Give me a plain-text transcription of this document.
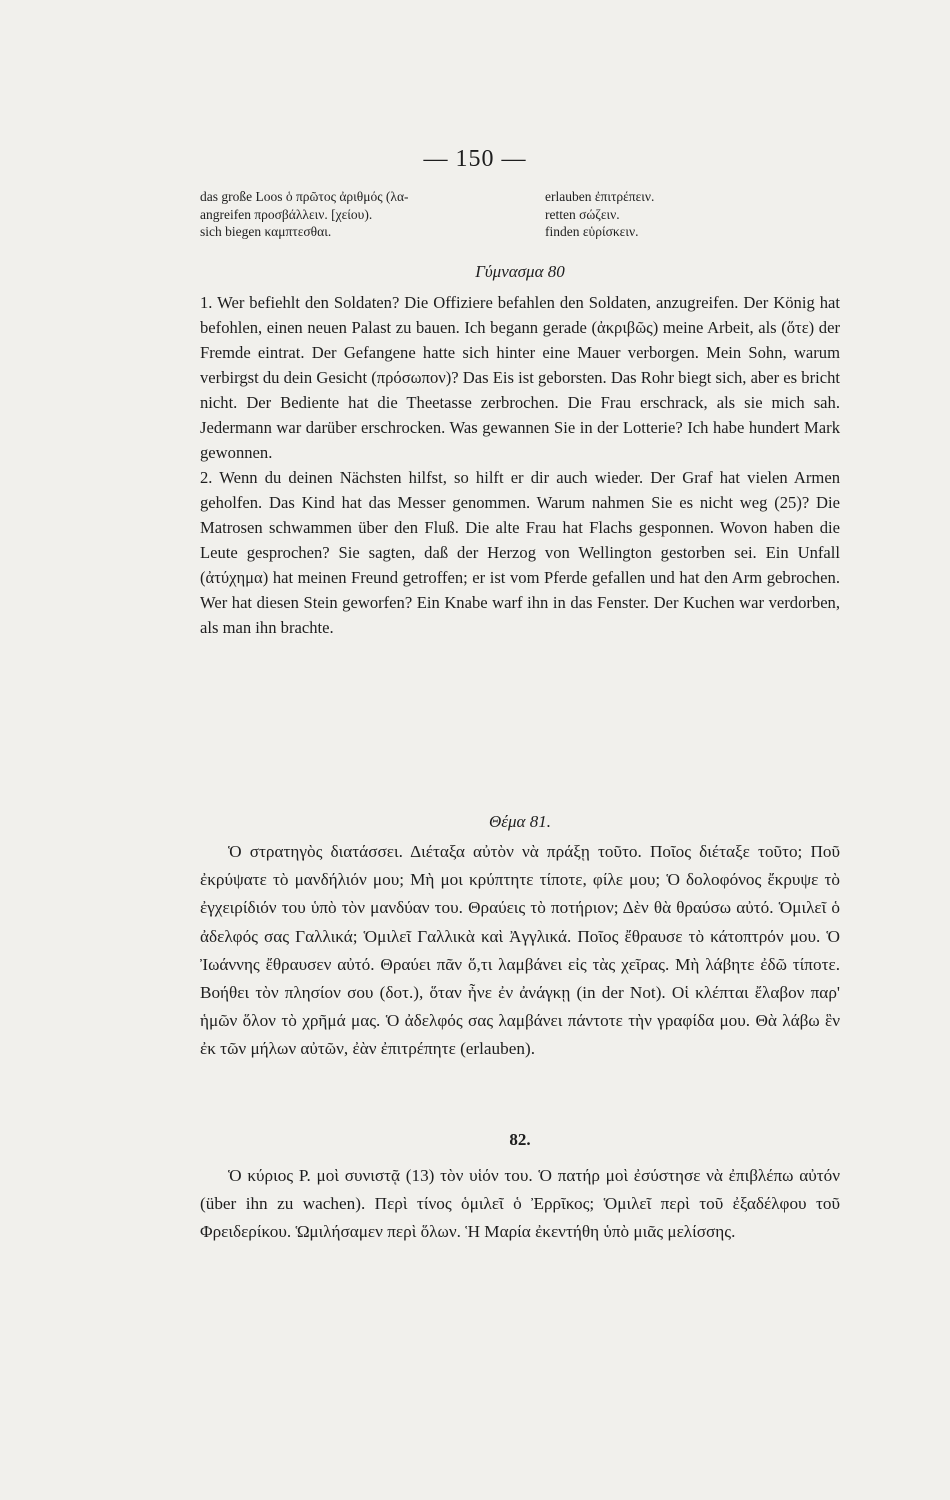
— 150 —
das große Loos ὁ πρῶτος ἀριθμός (λα-	erlauben ἐπιτρέπειν.
angreifen προσβάλλειν. [χείου).	retten σώζειν.
sich biegen καμπτεσθαι.	finden εὑρίσκειν.

Γύμνασμα 80

1. Wer befiehlt den Soldaten? Die Offiziere befahlen den Soldaten, anzugreifen. Der König hat befohlen, einen neuen Palast zu bauen. Ich begann gerade (ἀκριβῶς) meine Arbeit, als (ὅτε) der Fremde eintrat. Der Gefangene hatte sich hinter eine Mauer verborgen. Mein Sohn, warum verbirgst du dein Gesicht (πρόσωπον)? Das Eis ist geborsten. Das Rohr biegt sich, aber es bricht nicht. Der Bediente hat die Theetasse zerbrochen. Die Frau erschrack, als sie mich sah. Jedermann war darüber erschrocken. Was gewannen Sie in der Lotterie? Ich habe hundert Mark gewonnen.

2. Wenn du deinen Nächsten hilfst, so hilft er dir auch wieder. Der Graf hat vielen Armen geholfen. Das Kind hat das Messer genommen. Warum nahmen Sie es nicht weg (25)? Die Matrosen schwammen über den Fluß. Die alte Frau hat Flachs gesponnen. Wovon haben die Leute gesprochen? Sie sagten, daß der Herzog von Wellington gestorben sei. Ein Unfall (ἀτύχημα) hat meinen Freund getroffen; er ist vom Pferde gefallen und hat den Arm gebrochen. Wer hat diesen Stein geworfen? Ein Knabe warf ihn in das Fenster. Der Kuchen war verdorben, als man ihn brachte.

Θέμα 81.

Ὁ στρατηγὸς διατάσσει. Διέταξα αὐτὸν νὰ πράξῃ τοῦτο. Ποῖος διέταξε τοῦτο; Ποῦ ἐκρύψατε τὸ μανδήλιόν μου; Μὴ μοι κρύπτητε τίποτε, φίλε μου; Ὁ δολοφόνος ἔκρυψε τὸ ἐγχειρίδιόν του ὑπὸ τὸν μανδύαν του. Θραύεις τὸ ποτήριον; Δὲν θὰ θραύσω αὐτό. Ὁμιλεῖ ὁ ἀδελφός σας Γαλλικά; Ὁμιλεῖ Γαλλικὰ καὶ Ἀγγλικά. Ποῖος ἔθραυσε τὸ κάτοπτρόν μου. Ὁ Ἰωάννης ἔθραυσεν αὐτό. Θραύει πᾶν ὅ,τι λαμβάνει εἰς τὰς χεῖρας. Μὴ λάβητε ἐδῶ τίποτε. Βοήθει τὸν πλησίον σου (δοτ.), ὅταν ἦνε ἐν ἀνάγκῃ (in der Not). Οἱ κλέπται ἔλαβον παρ' ἡμῶν ὅλον τὸ χρῆμά μας. Ὁ ἀδελφός σας λαμβάνει πάντοτε τὴν γραφίδα μου. Θὰ λάβω ἓν ἐκ τῶν μήλων αὐτῶν, ἐὰν ἐπιτρέπητε (erlauben).

82.

Ὁ κύριος Ρ. μοὶ συνιστᾷ (13) τὸν υἱόν του. Ὁ πατήρ μοὶ ἐσύστησε νὰ ἐπιβλέπω αὐτόν (über ihn zu wachen). Περὶ τίνος ὁμιλεῖ ὁ Ἐρρῖκος; Ὁμιλεῖ περὶ τοῦ ἐξαδέλφου τοῦ Φρειδερίκου. Ὡμιλήσαμεν περὶ ὅλων. Ἡ Μαρία ἐκεντήθη ὑπὸ μιᾶς μελίσσης.
